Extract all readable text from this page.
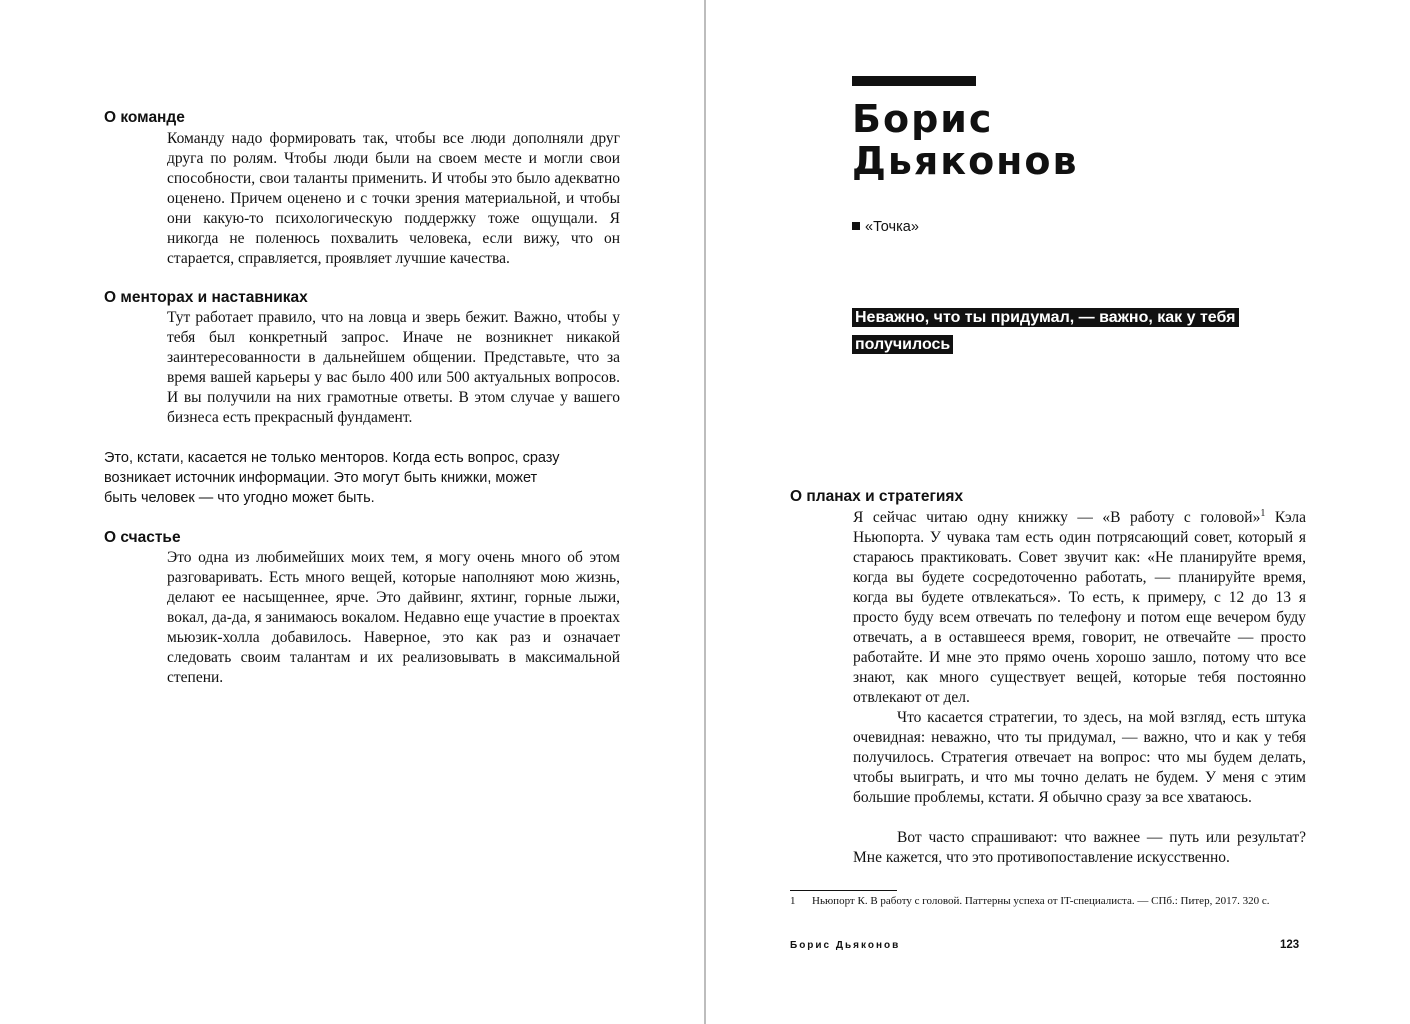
О команде
Команду надо формировать так, чтобы все люди дополняли друг друга по ролям. Чтобы люди были на своем месте и могли свои способности, свои таланты применить. И чтобы это было адекватно оценено. Причем оценено и с точки зрения материальной, и чтобы они какую-то психологическую поддержку тоже ощущали. Я никогда не поленюсь похвалить человека, если вижу, что он старается, справляется, проявляет лучшие качества.
О менторах и наставниках
Тут работает правило, что на ловца и зверь бежит. Важно, чтобы у тебя был конкретный запрос. Иначе не возникнет никакой заинтересованности в дальнейшем общении. Представьте, что за время вашей карьеры у вас было 400 или 500 актуальных вопросов. И вы получили на них грамотные ответы. В этом случае у вашего бизнеса есть прекрасный фундамент.
Это, кстати, касается не только менторов. Когда есть вопрос, сразу возникает источник информации. Это могут быть книжки, может быть человек — что угодно может быть.
О счастье
Это одна из любимейших моих тем, я могу очень много об этом разговаривать. Есть много вещей, которые наполняют мою жизнь, делают ее насыщеннее, ярче. Это дайвинг, яхтинг, горные лыжи, вокал, да-да, я занимаюсь вокалом. Недавно еще участие в проектах мьюзик-холла добавилось. Наверное, это как раз и означает следовать своим талантам и их реализовывать в максимальной степени.
Борис
Дьяконов
«Точка»
Неважно, что ты придумал, — важно, как у тебя получилось
О планах и стратегиях
Я сейчас читаю одну книжку — «В работу с головой»$^1$ Кэла Ньюпорта. У чувака там есть один потрясающий совет, который я стараюсь практиковать. Совет звучит как: «Не планируйте время, когда вы будете сосредоточенно работать, — планируйте время, когда вы будете отвлекаться». То есть, к примеру, с 12 до 13 я просто буду всем отвечать по телефону и потом еще вечером буду отвечать, а в оставшееся время, говорит, не отвечайте — просто работайте. И мне это прямо очень хорошо зашло, потому что все знают, как много существует вещей, которые тебя постоянно отвлекают от дел.
Что касается стратегии, то здесь, на мой взгляд, есть штука очевидная: неважно, что ты придумал, — важно, что и как у тебя получилось. Стратегия отвечает на вопрос: что мы будем делать, чтобы выиграть, и что мы точно делать не будем. У меня с этим большие проблемы, кстати. Я обычно сразу за все хватаюсь.
Вот часто спрашивают: что важнее — путь или результат? Мне кажется, что это противопоставление искусственно.
1 Ньюпорт К. В работу с головой. Паттерны успеха от IT-специалиста. — СПб.: Питер, 2017. 320 с.
Борис Дьяконов	123
